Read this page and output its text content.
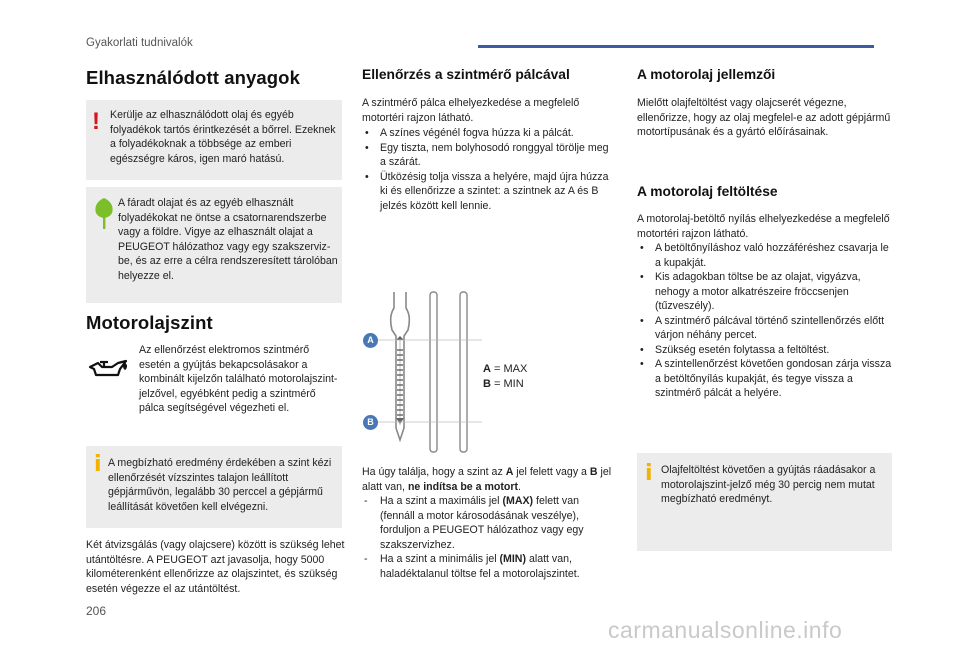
Gyakorlati tudnivalók
Elhasználódott anyagok
! Kerülje az elhasználódott olaj és egyéb folyadékok tartós érintkezését a bőrrel. Ezeknek a folyadékoknak a többsége az emberi egészségre káros, igen maró hatású.
A fáradt olajat és az egyéb elhasznált folyadékokat ne öntse a csatornarendszerbe vagy a földre. Vigye az elhasznált olajat a PEUGEOT hálózathoz vagy egy szakszerviz-be, és az erre a célra rendszeresített tárolóban helyezze el.
Motorolajszint

Az ellenőrzést elektromos szintmérő esetén a gyújtás bekapcsolásakor a kombinált kijelzőn található motorolajszint-jelzővel, egyébként pedig a szintmérő pálca segítségével végezheti el.

i A megbízható eredmény érdekében a szint kézi ellenőrzését vízszintes talajon leállított gépjárművön, legalább 30 perccel a gépjármű leállítását követően kell elvégezni.

Két átvizsgálás (vagy olajcsere) között is szükség lehet utántöltésre. A PEUGEOT azt javasolja, hogy 5000 kilométerenként ellenőrizze az olajszintet, és szükség esetén végezze el az utántöltést.

Ellenőrzés a szintmérő pálcával

A szintmérő pálca elhelyezkedése a megfelelő motortéri rajzon látható.

• A színes végénél fogva húzza ki a pálcát.
• Egy tiszta, nem bolyhosodó ronggyal törölje meg a szárát.
• Ütközésig tolja vissza a helyére, majd újra húzza ki és ellenőrizze a szintet: a szintnek az A és B jelzés között kell lennie.
A
B
A = MAX
B = MIN

Ha úgy találja, hogy a szint az A jel felett vagy a B jel alatt van, ne indítsa be a motort.

- Ha a szint a maximális jel (MAX) felett van (fennáll a motor károsodásának veszélye), forduljon a PEUGEOT hálózathoz vagy egy szakszervizhez.
- Ha a szint a minimális jel (MIN) alatt van, haladéktalanul töltse fel a motorolajszintet.
A motorolaj jellemzői

Mielőtt olajfeltöltést vagy olajcserét végezne, ellenőrizze, hogy az olaj megfelel-e az adott gépjármű motortípusának és a gyártó előírásainak.

A motorolaj feltöltése

A motorolaj-betöltő nyílás elhelyezkedése a megfelelő motortéri rajzon látható.

• A betöltőnyíláshoz való hozzáféréshez csavarja le a kupakját.
• Kis adagokban töltse be az olajat, vigyázva, nehogy a motor alkatrészeire fröccsenjen (tűzveszély).
• A szintmérő pálcával történő szintellenőrzés előtt várjon néhány percet.
• Szükség esetén folytassa a feltöltést.
• A szintellenőrzést követően gondosan zárja vissza a betöltőnyílás kupakját, és tegye vissza a szintmérő pálcát a helyére.
i Olajfeltöltést követően a gyújtás ráadásakor a motorolajszint-jelző még 30 percig nem mutat megbízható eredményt.
206
carmanualsonline.info
